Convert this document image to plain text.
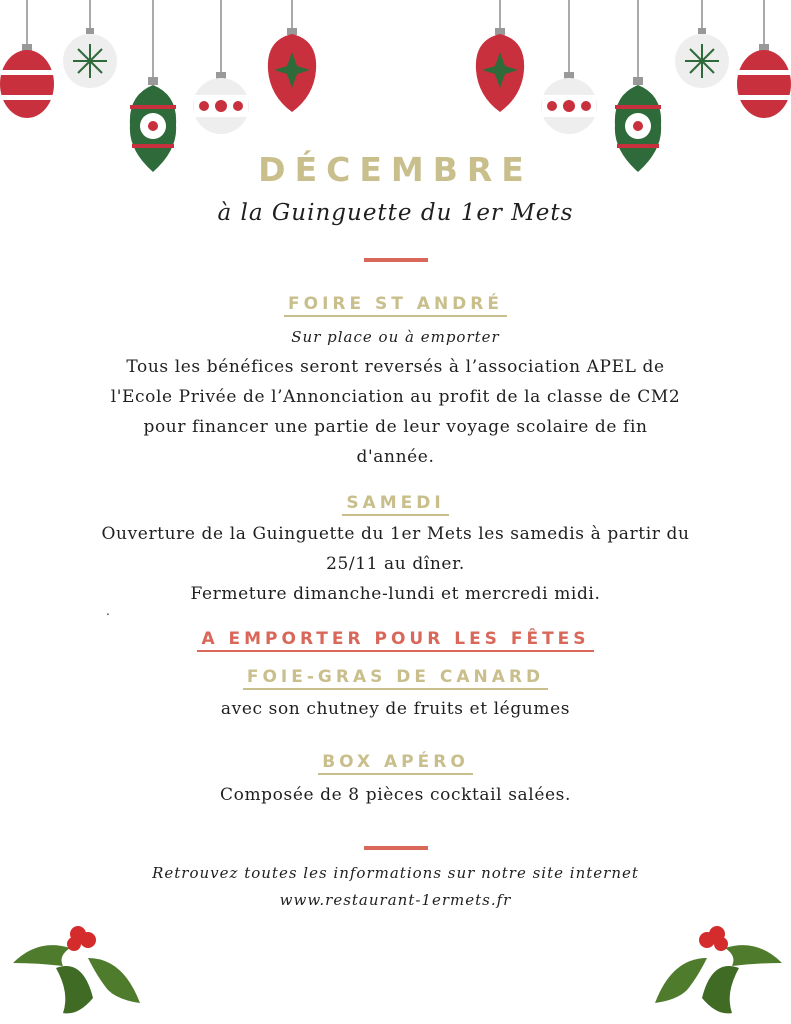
DÉCEMBRE
à la Guinguette du 1er Mets
FOIRE ST ANDRÉ
Sur place ou à emporter
Tous les bénéfices seront reversés à l’association APEL de
l'Ecole Privée de l’Annonciation au profit de la classe de CM2
pour financer une partie de leur voyage scolaire de fin
d'année.
SAMEDI
Ouverture de la Guinguette du 1er Mets les samedis à partir du
25/11 au dîner.
Fermeture dimanche-lundi et mercredi midi.
.
A EMPORTER POUR LES FÊTES
FOIE-GRAS DE CANARD
avec son chutney de fruits et légumes
BOX APÉRO
Composée de 8 pièces cocktail salées.
Retrouvez toutes les informations sur notre site internet
www.restaurant-1ermets.fr
